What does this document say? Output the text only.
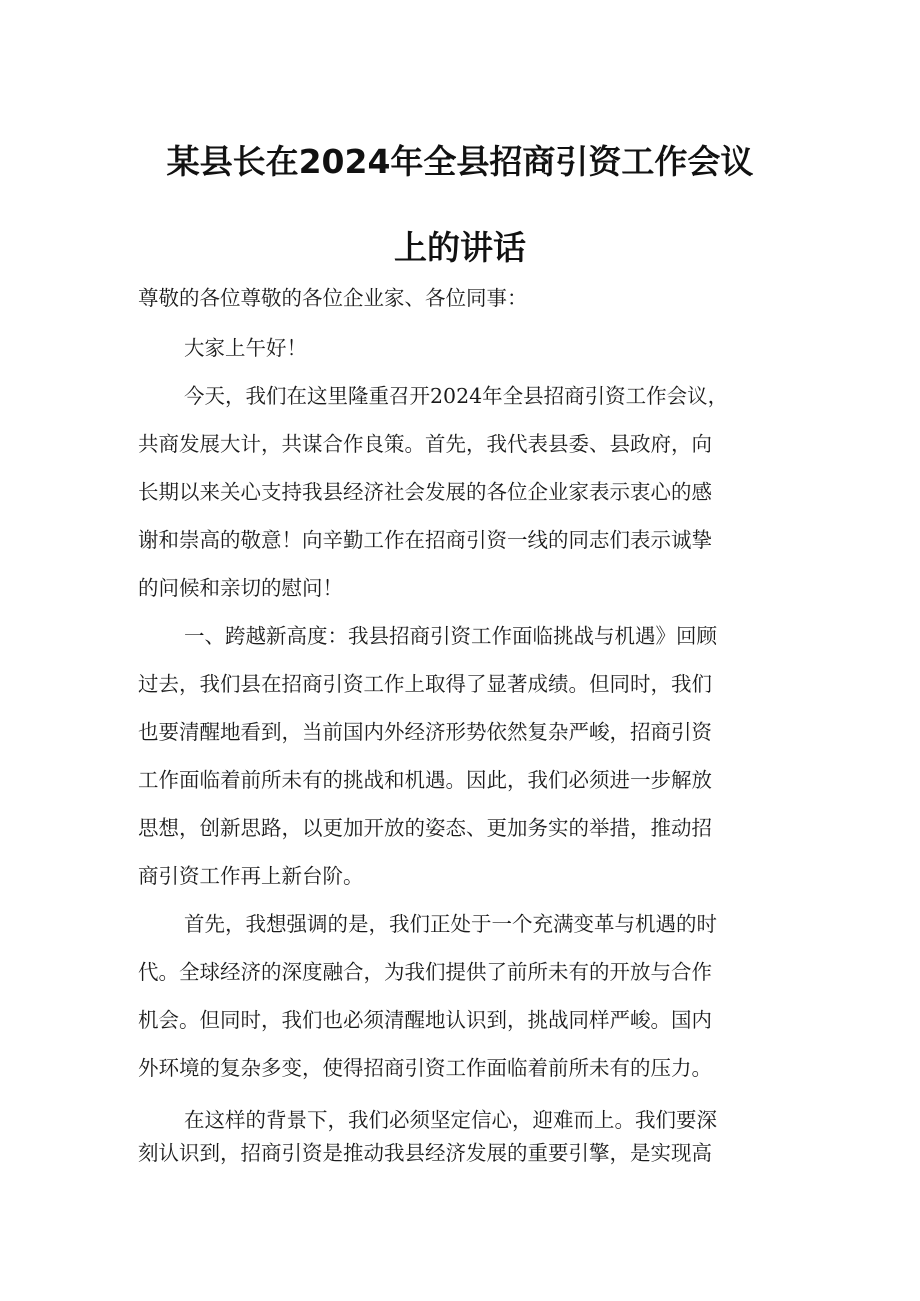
某县长在2024年全县招商引资工作会议
上的讲话
尊敬的各位尊敬的各位企业家、各位同事：
大家上午好！
今天，我们在这里隆重召开2024年全县招商引资工作会议，
共商发展大计，共谋合作良策。首先，我代表县委、县政府，向
长期以来关心支持我县经济社会发展的各位企业家表示衷心的感
谢和崇高的敬意！向辛勤工作在招商引资一线的同志们表示诚挚
的问候和亲切的慰问！
一、跨越新高度：我县招商引资工作面临挑战与机遇》回顾
过去，我们县在招商引资工作上取得了显著成绩。但同时，我们
也要清醒地看到，当前国内外经济形势依然复杂严峻，招商引资
工作面临着前所未有的挑战和机遇。因此，我们必须进一步解放
思想，创新思路，以更加开放的姿态、更加务实的举措，推动招
商引资工作再上新台阶。
首先，我想强调的是，我们正处于一个充满变革与机遇的时
代。全球经济的深度融合，为我们提供了前所未有的开放与合作
机会。但同时，我们也必须清醒地认识到，挑战同样严峻。国内
外环境的复杂多变，使得招商引资工作面临着前所未有的压力。
在这样的背景下，我们必须坚定信心，迎难而上。我们要深
刻认识到，招商引资是推动我县经济发展的重要引擎，是实现高
